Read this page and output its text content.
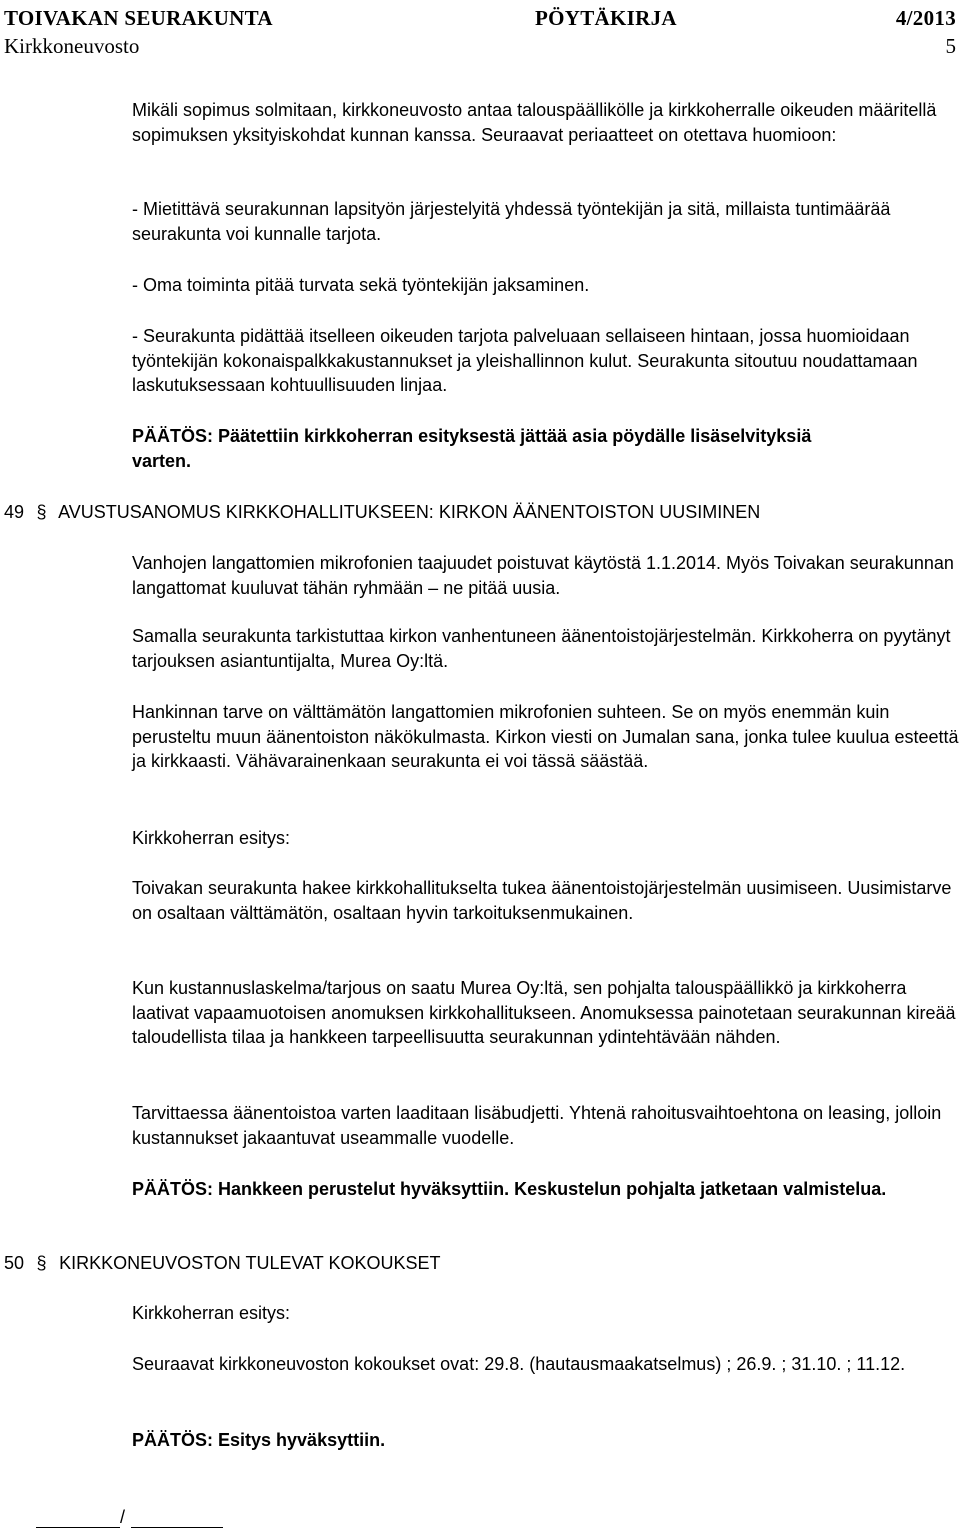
TOIVAKAN SEURAKUNTA	PÖYTÄKIRJA	4/2013
Kirkkoneuvosto	5

Mikäli sopimus solmitaan, kirkkoneuvosto antaa talouspäällikölle ja kirkkoherralle oikeuden määritellä sopimuksen yksityiskohdat kunnan kanssa. Seuraavat periaatteet on otettava huomioon:

- Mietittävä seurakunnan lapsityön järjestelyitä yhdessä työntekijän ja sitä, millaista tuntimäärää seurakunta voi kunnalle tarjota.

- Oma toiminta pitää turvata sekä työntekijän jaksaminen.

- Seurakunta pidättää itselleen oikeuden tarjota palveluaan sellaiseen hintaan, jossa huomioidaan työntekijän kokonaispalkkakustannukset ja yleishallinnon kulut. Seurakunta sitoutuu noudattamaan laskutuksessaan kohtuullisuuden linjaa.

PÄÄTÖS: Päätettiin kirkkoherran esityksestä jättää asia pöydälle lisäselvityksiä varten.

49 § AVUSTUSANOMUS KIRKKOHALLITUKSEEN: KIRKON ÄÄNENTOISTON UUSIMINEN

Vanhojen langattomien mikrofonien taajuudet poistuvat käytöstä 1.1.2014. Myös Toivakan seurakunnan langattomat kuuluvat tähän ryhmään – ne pitää uusia.

Samalla seurakunta tarkistuttaa kirkon vanhentuneen äänentoistojärjestelmän. Kirkkoherra on pyytänyt tarjouksen asiantuntijalta, Murea Oy:ltä.

Hankinnan tarve on välttämätön langattomien mikrofonien suhteen. Se on myös enemmän kuin perusteltu muun äänentoiston näkökulmasta. Kirkon viesti on Jumalan sana, jonka tulee kuulua esteettä ja kirkkaasti. Vähävarainenkaan seurakunta ei voi tässä säästää.

Kirkkoherran esitys:

Toivakan seurakunta hakee kirkkohallitukselta tukea äänentoistojärjestelmän uusimiseen. Uusimistarve on osaltaan välttämätön, osaltaan hyvin tarkoituksenmukainen.

Kun kustannuslaskelma/tarjous on saatu Murea Oy:ltä, sen pohjalta talouspäällikkö ja kirkkoherra laativat vapaamuotoisen anomuksen kirkkohallitukseen. Anomuksessa painotetaan seurakunnan kireää taloudellista tilaa ja hankkeen tarpeellisuutta seurakunnan ydintehtävään nähden.

Tarvittaessa äänentoistoa varten laaditaan lisäbudjetti. Yhtenä rahoitusvaihtoehtona on leasing, jolloin kustannukset jakaantuvat useammalle vuodelle.

PÄÄTÖS: Hankkeen perustelut hyväksyttiin. Keskustelun pohjalta jatketaan valmistelua.

50 § KIRKKONEUVOSTON TULEVAT KOKOUKSET

Kirkkoherran esitys:

Seuraavat kirkkoneuvoston kokoukset ovat: 29.8. (hautausmaakatselmus) ; 26.9. ; 31.10. ; 11.12.

PÄÄTÖS: Esitys hyväksyttiin.

/
